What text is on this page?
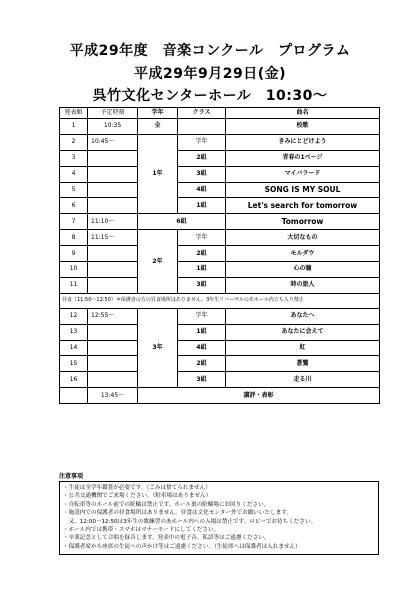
平成29年度　音楽コンクール　プログラム
平成29年9月29日(金)
呉竹文化センターホール　10:30～
発表順	予定時刻	学年	クラス	曲名
1	10:35	全		校歌
2	10:45～	1年	学年	きみにとどけよう
3			2組	青春の1ページ
4			3組	マイバラード
5			4組	SONG IS MY SOUL
6			1組	Let's search for tomorrow
7	11:10～	6組		Tomorrow
8	11:15～	2年	学年	大切なもの
9			2組	モルダウ
10			1組	心の瞳
11			3組	時の旅人
昼食（11:50～12:50）＊保護者の方の昼食場所はありません。3年生リハーサルのあホール内立ち入り禁止				
12	12:55～	3年	学年	あなたへ
13			1組	あなたに会えて
14			4組	虹
15			2組	蒼鷺
16			3組	走る川
	13:45～	講評・表彰		
注意事項
・生徒は全学年鑑賞が必要です。（ごみは捨てられません）
・公共交通機関でご来場ください。（駐車場はありません）
・自転車等のホール前での駐輪は禁止です。ホール裏の駐輪場にお回りください。
・施設内での保護者の昼食場所はありません。昼食は文化センター外でお願いいたします。
　又、12:00～12:50は3年生の歌練習のあホール内への入場は禁止です。ロビーでお待ちください。
・ホール内では携帯・スマホはマナーモードにしてください。
・卒業記念として合唱を録音します。発表中の電子音、私語等はご遠慮ください。
・保護者席から座席の生徒への声かけ等はご遠慮ください。（生徒席へは保護者は入れません）
